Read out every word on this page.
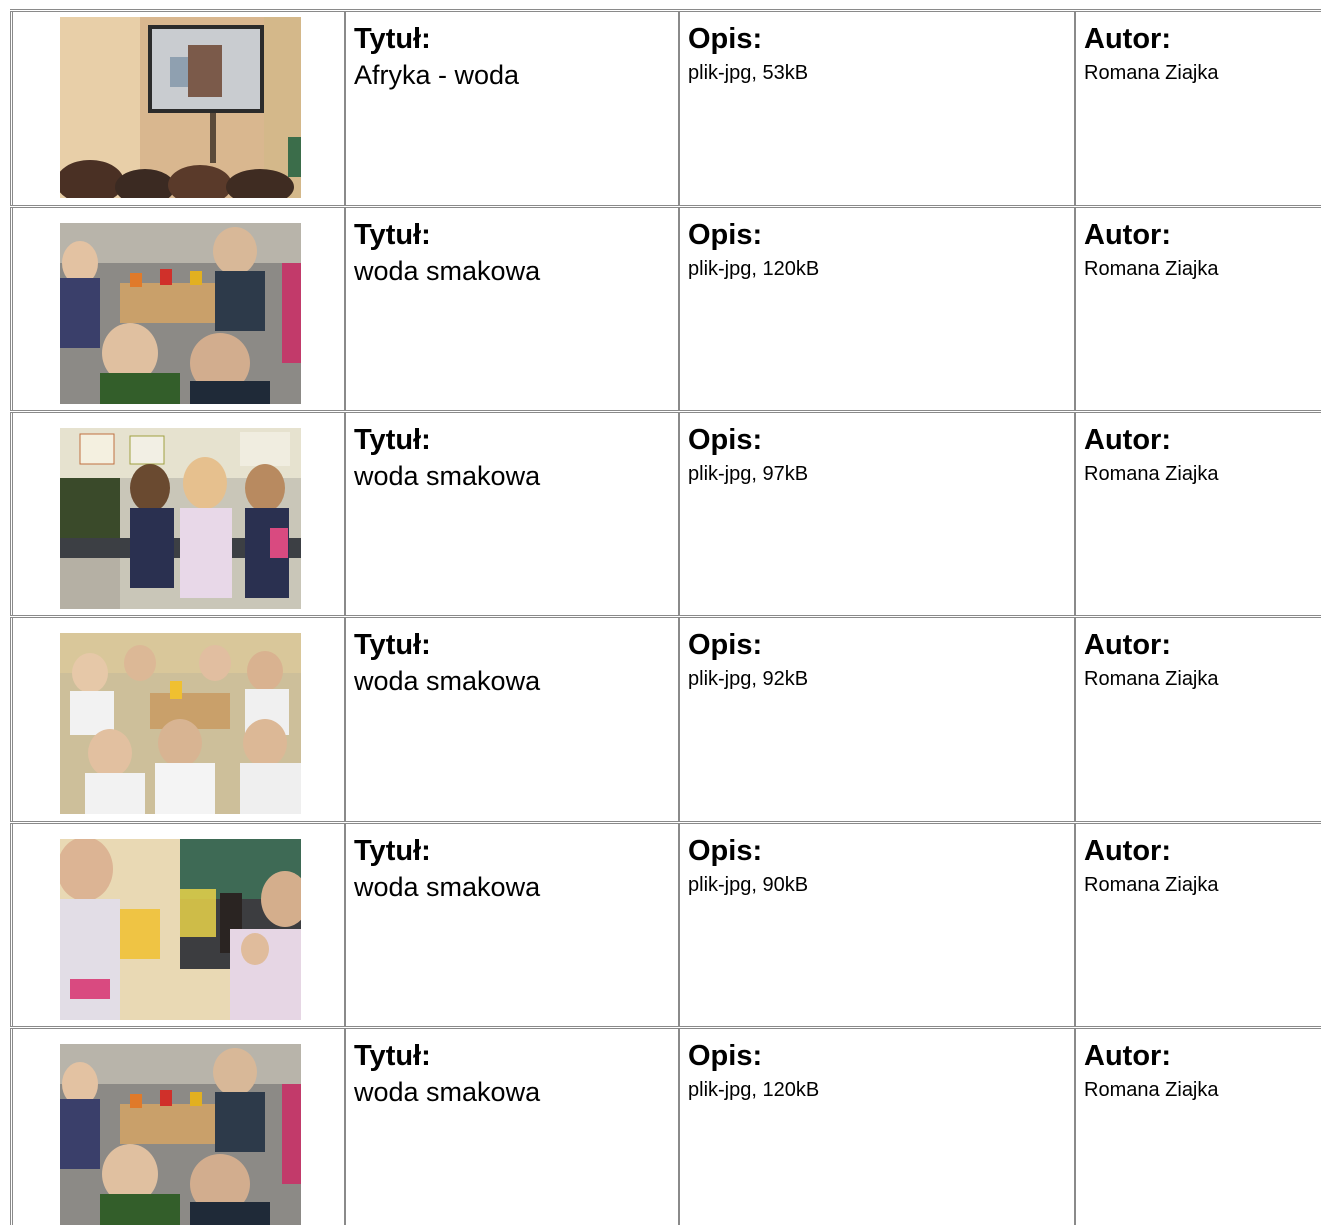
Tytuł:
Afryka - woda
Opis:
plik-jpg, 53kB
Autor:
Romana Ziajka
Tytuł:
woda smakowa
Opis:
plik-jpg, 120kB
Autor:
Romana Ziajka
Tytuł:
woda smakowa
Opis:
plik-jpg, 97kB
Autor:
Romana Ziajka
Tytuł:
woda smakowa
Opis:
plik-jpg, 92kB
Autor:
Romana Ziajka
Tytuł:
woda smakowa
Opis:
plik-jpg, 90kB
Autor:
Romana Ziajka
Tytuł:
woda smakowa
Opis:
plik-jpg, 120kB
Autor:
Romana Ziajka
